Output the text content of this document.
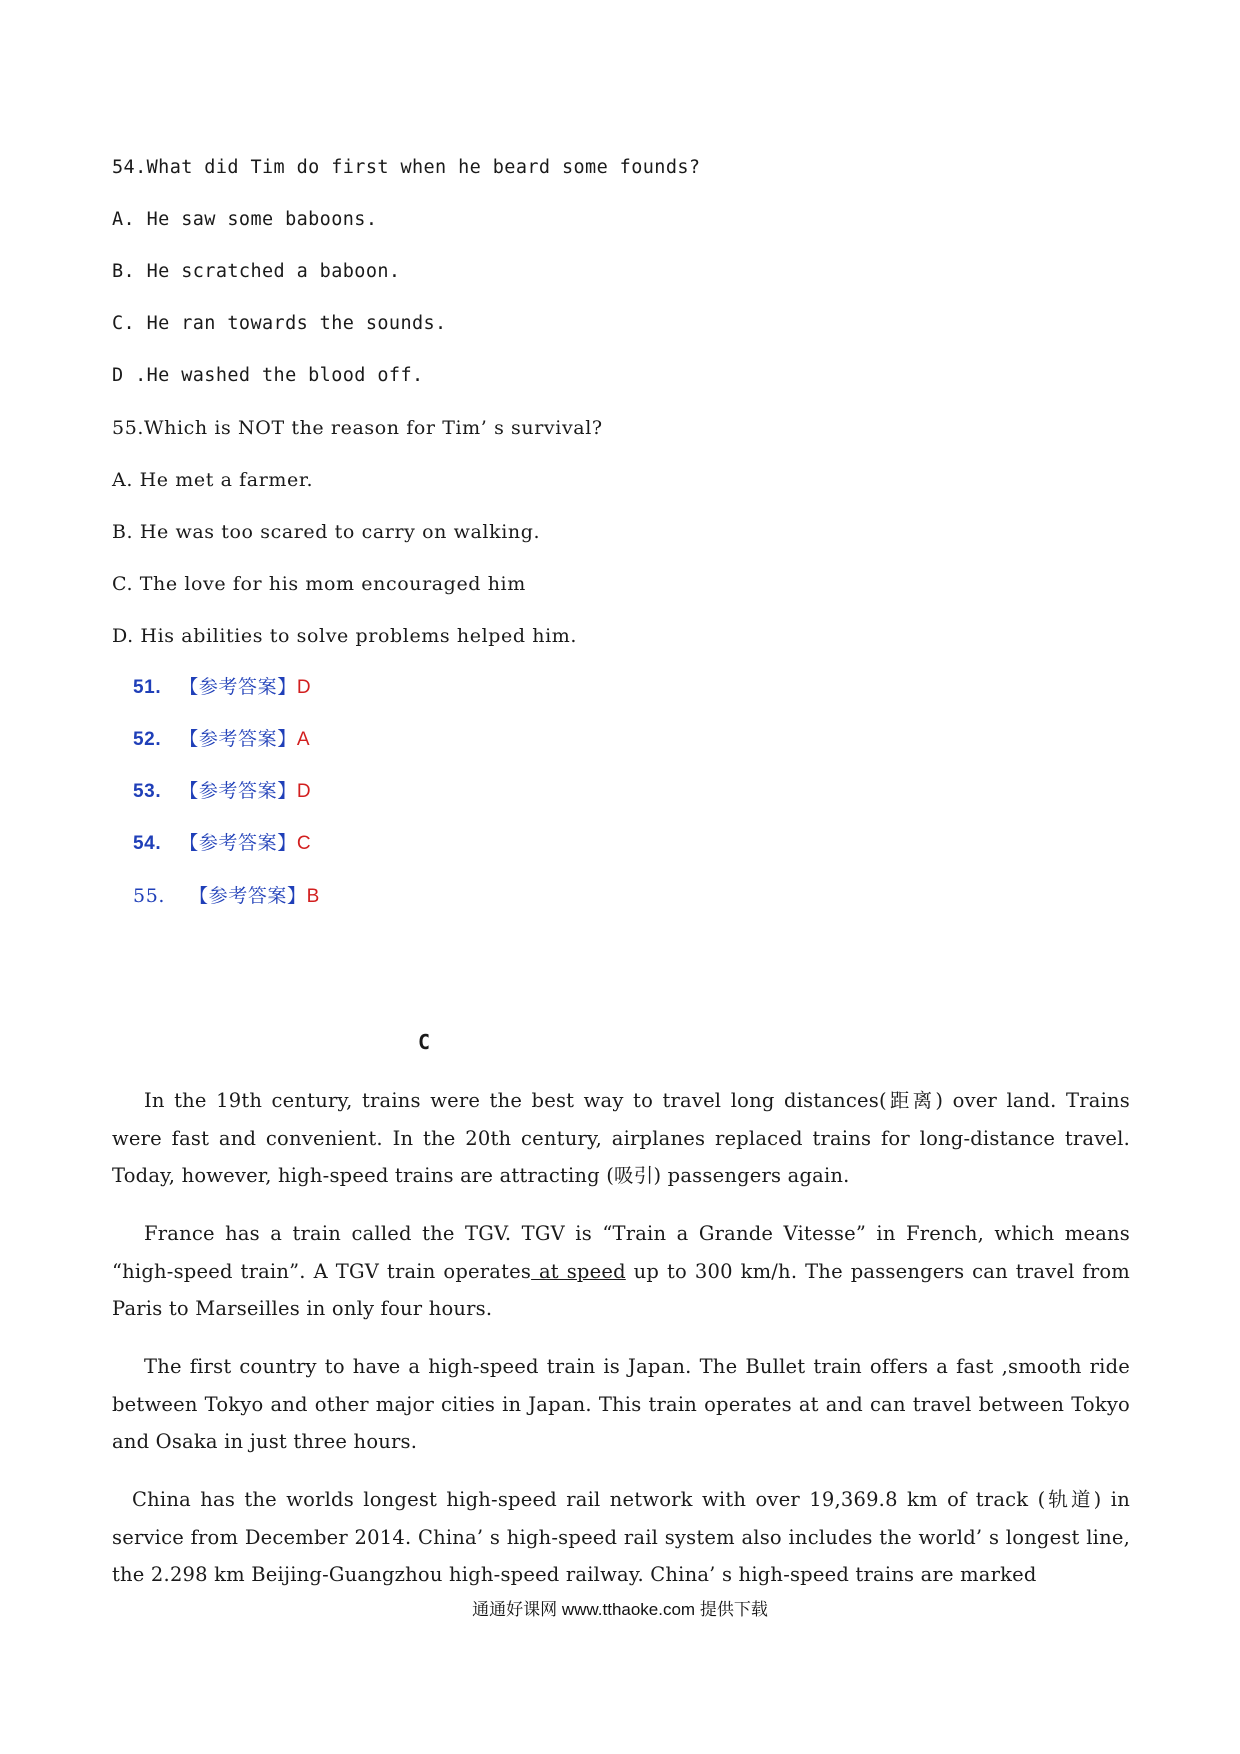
54.What did Tim do first when he beard some founds?
A. He saw some baboons.
B. He scratched a baboon.
C. He ran towards the sounds.
D .He washed the blood off.
55.Which is NOT the reason for Tim’ s survival?
A. He met a farmer.
B. He was too scared to carry on walking.
C. The love for his mom encouraged him
D. His abilities to solve problems helped him.
51. 【参考答案】D
52. 【参考答案】A
53. 【参考答案】D
54. 【参考答案】C
55. 【参考答案】B
C

In the 19th century, trains were the best way to travel long distances(距离) over land. Trains were fast and convenient. In the 20th century, airplanes replaced trains for long-distance travel. Today, however, high-speed trains are attracting (吸引) passengers again.

France has a train called the TGV. TGV is “Train a Grande Vitesse” in French, which means “high-speed train”. A TGV train operates at speed up to 300 km/h. The passengers can travel from Paris to Marseilles in only four hours.

The first country to have a high-speed train is Japan. The Bullet train offers a fast ,smooth ride between Tokyo and other major cities in Japan. This train operates at and can travel between Tokyo and Osaka in just three hours.

China has the worlds longest high-speed rail network with over 19,369.8 km of track (轨道) in service from December 2014. China’ s high-speed rail system also includes the world’ s longest line, the 2.298 km Beijing-Guangzhou high-speed railway. China’ s high-speed trains are marked

通通好课网 www.tthaoke.com 提供下载
